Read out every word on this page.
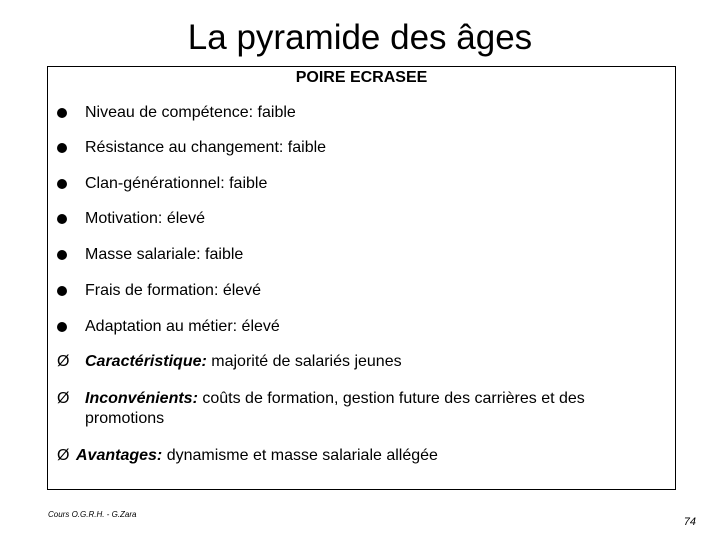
La pyramide des âges
POIRE ECRASEE
Niveau de compétence: faible
Résistance au changement: faible
Clan-générationnel: faible
Motivation: élevé
Masse salariale: faible
Frais de formation: élevé
Adaptation au métier: élevé
Ø Caractéristique: majorité de salariés jeunes
Ø Inconvénients: coûts de formation, gestion future des carrières et des promotions
Ø Avantages: dynamisme et masse salariale allégée
Cours O.G.R.H. - G.Zara
74
